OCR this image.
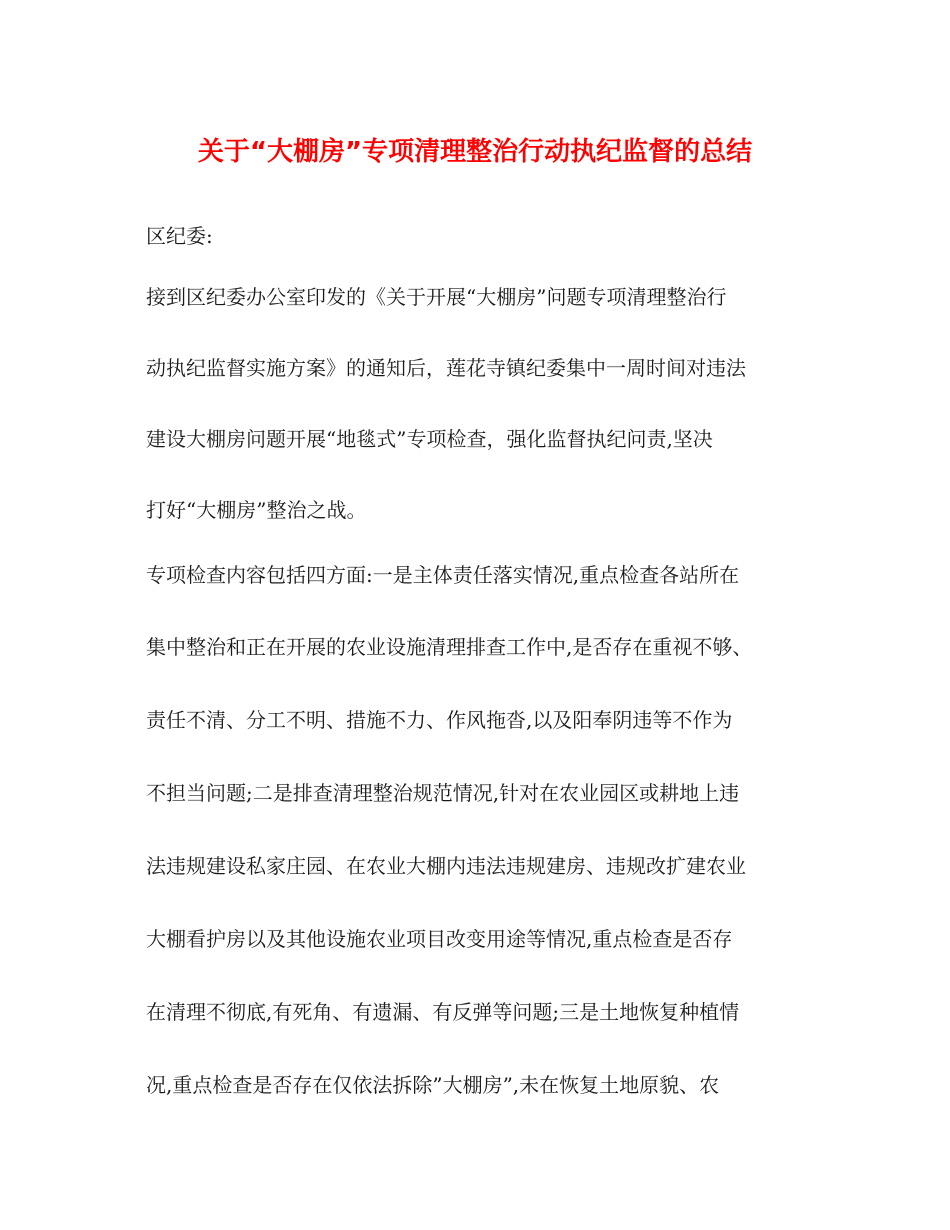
关于“大棚房”专项清理整治行动执纪监督的总结
区纪委:
接到区纪委办公室印发的《关于开展“大棚房”问题专项清理整治行
动执纪监督实施方案》的通知后，莲花寺镇纪委集中一周时间对违法
建设大棚房问题开展“地毯式”专项检查，强化监督执纪问责,坚决
打好“大棚房”整治之战。
专项检查内容包括四方面:一是主体责任落实情况,重点检查各站所在
集中整治和正在开展的农业设施清理排查工作中,是否存在重视不够、
责任不清、分工不明、措施不力、作风拖沓,以及阳奉阴违等不作为
不担当问题;二是排查清理整治规范情况,针对在农业园区或耕地上违
法违规建设私家庄园、在农业大棚内违法违规建房、违规改扩建农业
大棚看护房以及其他设施农业项目改变用途等情况,重点检查是否存
在清理不彻底,有死角、有遗漏、有反弹等问题;三是土地恢复种植情
况,重点检查是否存在仅依法拆除”大棚房”,未在恢复土地原貌、农
